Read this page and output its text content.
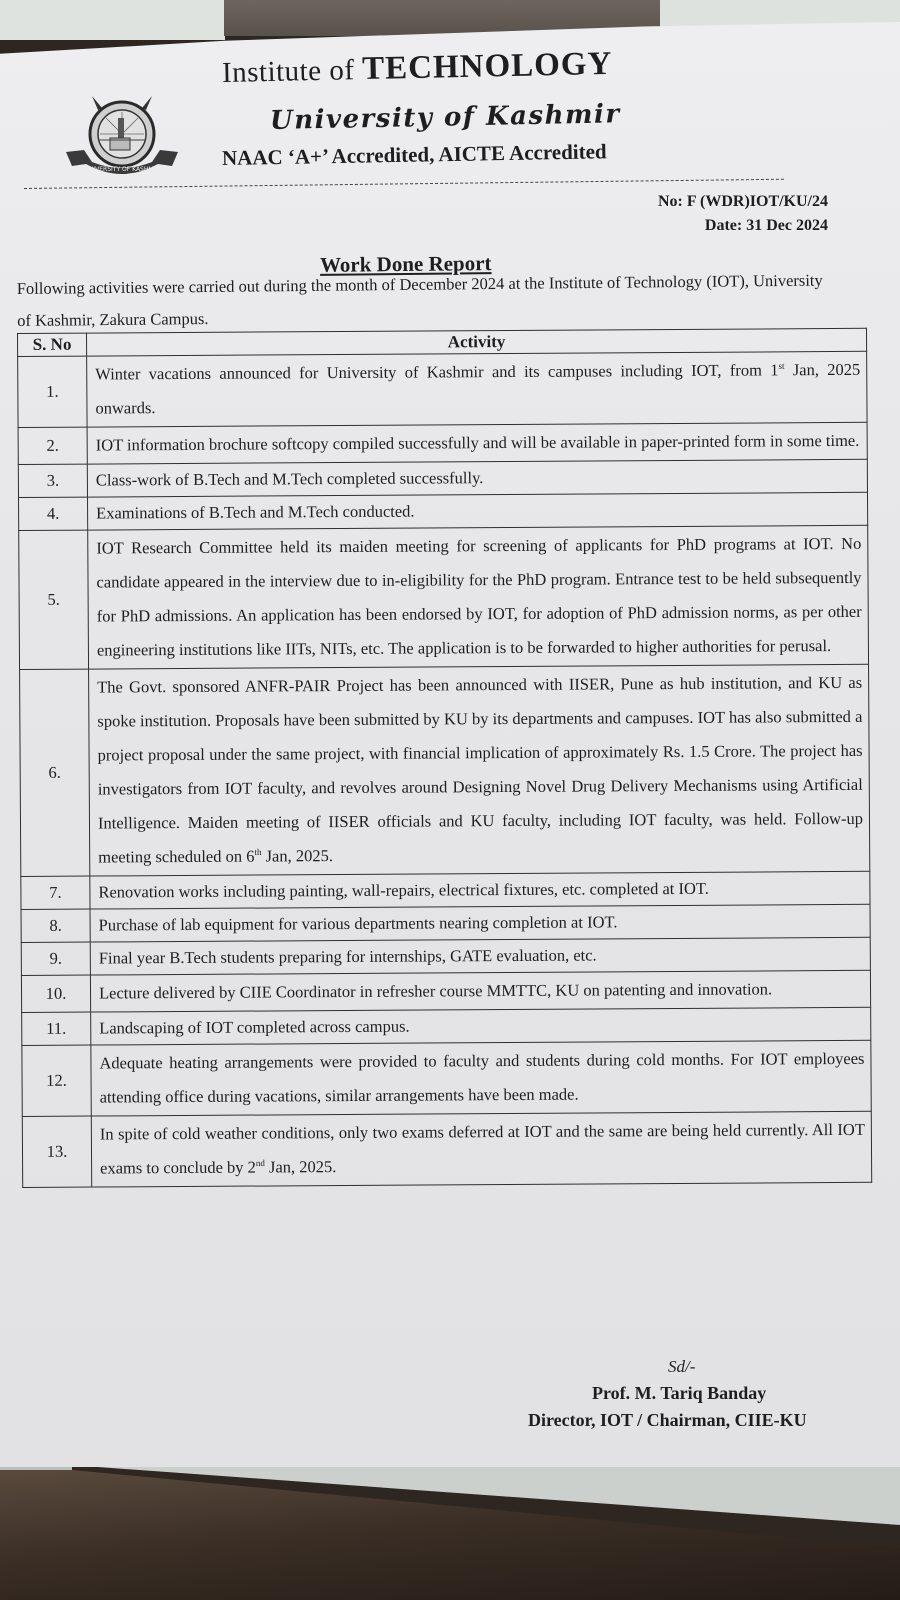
UNIVERSITY OF KASHMIR
Institute of TECHNOLOGY
University of Kashmir
NAAC ‘A+’ Accredited, AICTE Accredited
No: F (WDR)IOT/KU/24
Date: 31 Dec 2024
Work Done Report
Following activities were carried out during the month of December 2024 at the Institute of Technology (IOT), University of Kashmir, Zakura Campus.
S. No	Activity
1.	Winter vacations announced for University of Kashmir and its campuses including IOT, from 1st Jan, 2025 onwards.
2.	IOT information brochure softcopy compiled successfully and will be available in paper-printed form in some time.
3.	Class-work of B.Tech and M.Tech completed successfully.
4.	Examinations of B.Tech and M.Tech conducted.
5.	IOT Research Committee held its maiden meeting for screening of applicants for PhD programs at IOT. No candidate appeared in the interview due to in-eligibility for the PhD program. Entrance test to be held subsequently for PhD admissions. An application has been endorsed by IOT, for adoption of PhD admission norms, as per other engineering institutions like IITs, NITs, etc. The application is to be forwarded to higher authorities for perusal.
6.	The Govt. sponsored ANFR-PAIR Project has been announced with IISER, Pune as hub institution, and KU as spoke institution. Proposals have been submitted by KU by its departments and campuses. IOT has also submitted a project proposal under the same project, with financial implication of approximately Rs. 1.5 Crore. The project has investigators from IOT faculty, and revolves around Designing Novel Drug Delivery Mechanisms using Artificial Intelligence. Maiden meeting of IISER officials and KU faculty, including IOT faculty, was held. Follow-up meeting scheduled on 6th Jan, 2025.
7.	Renovation works including painting, wall-repairs, electrical fixtures, etc. completed at IOT.
8.	Purchase of lab equipment for various departments nearing completion at IOT.
9.	Final year B.Tech students preparing for internships, GATE evaluation, etc.
10.	Lecture delivered by CIIE Coordinator in refresher course MMTTC, KU on patenting and innovation.
11.	Landscaping of IOT completed across campus.
12.	Adequate heating arrangements were provided to faculty and students during cold months. For IOT employees attending office during vacations, similar arrangements have been made.
13.	In spite of cold weather conditions, only two exams deferred at IOT and the same are being held currently. All IOT exams to conclude by 2nd Jan, 2025.
Sd/-
Prof. M. Tariq Banday
Director, IOT / Chairman, CIIE-KU
